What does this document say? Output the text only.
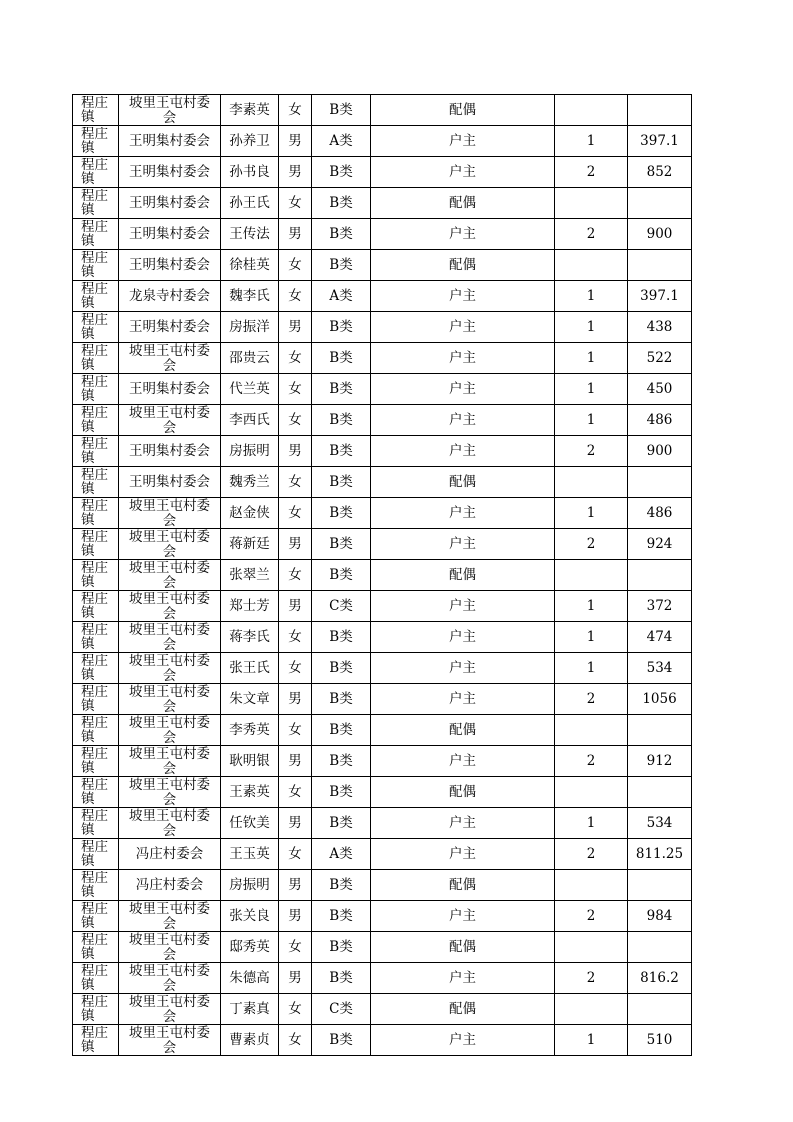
程庄镇	坡里王屯村委会	李素英	女	B类	配偶		

程庄镇	王明集村委会	孙养卫	男	A类	户主	1	397.1

程庄镇	王明集村委会	孙书良	男	B类	户主	2	852

程庄镇	王明集村委会	孙王氏	女	B类	配偶		

程庄镇	王明集村委会	王传法	男	B类	户主	2	900

程庄镇	王明集村委会	徐桂英	女	B类	配偶		

程庄镇	龙泉寺村委会	魏李氏	女	A类	户主	1	397.1

程庄镇	王明集村委会	房振洋	男	B类	户主	1	438

程庄镇	坡里王屯村委会	邵贵云	女	B类	户主	1	522

程庄镇	王明集村委会	代兰英	女	B类	户主	1	450

程庄镇	坡里王屯村委会	李西氏	女	B类	户主	1	486

程庄镇	王明集村委会	房振明	男	B类	户主	2	900

程庄镇	王明集村委会	魏秀兰	女	B类	配偶		

程庄镇	坡里王屯村委会	赵金侠	女	B类	户主	1	486

程庄镇	坡里王屯村委会	蒋新廷	男	B类	户主	2	924

程庄镇	坡里王屯村委会	张翠兰	女	B类	配偶		

程庄镇	坡里王屯村委会	郑士芳	男	C类	户主	1	372

程庄镇	坡里王屯村委会	蒋李氏	女	B类	户主	1	474

程庄镇	坡里王屯村委会	张王氏	女	B类	户主	1	534

程庄镇	坡里王屯村委会	朱文章	男	B类	户主	2	1056

程庄镇	坡里王屯村委会	李秀英	女	B类	配偶		

程庄镇	坡里王屯村委会	耿明银	男	B类	户主	2	912

程庄镇	坡里王屯村委会	王素英	女	B类	配偶		

程庄镇	坡里王屯村委会	任钦美	男	B类	户主	1	534

程庄镇	冯庄村委会	王玉英	女	A类	户主	2	811.25

程庄镇	冯庄村委会	房振明	男	B类	配偶		

程庄镇	坡里王屯村委会	张关良	男	B类	户主	2	984

程庄镇	坡里王屯村委会	邸秀英	女	B类	配偶		

程庄镇	坡里王屯村委会	朱德高	男	B类	户主	2	816.2

程庄镇	坡里王屯村委会	丁素真	女	C类	配偶		

程庄镇	坡里王屯村委会	曹素贞	女	B类	户主	1	510
